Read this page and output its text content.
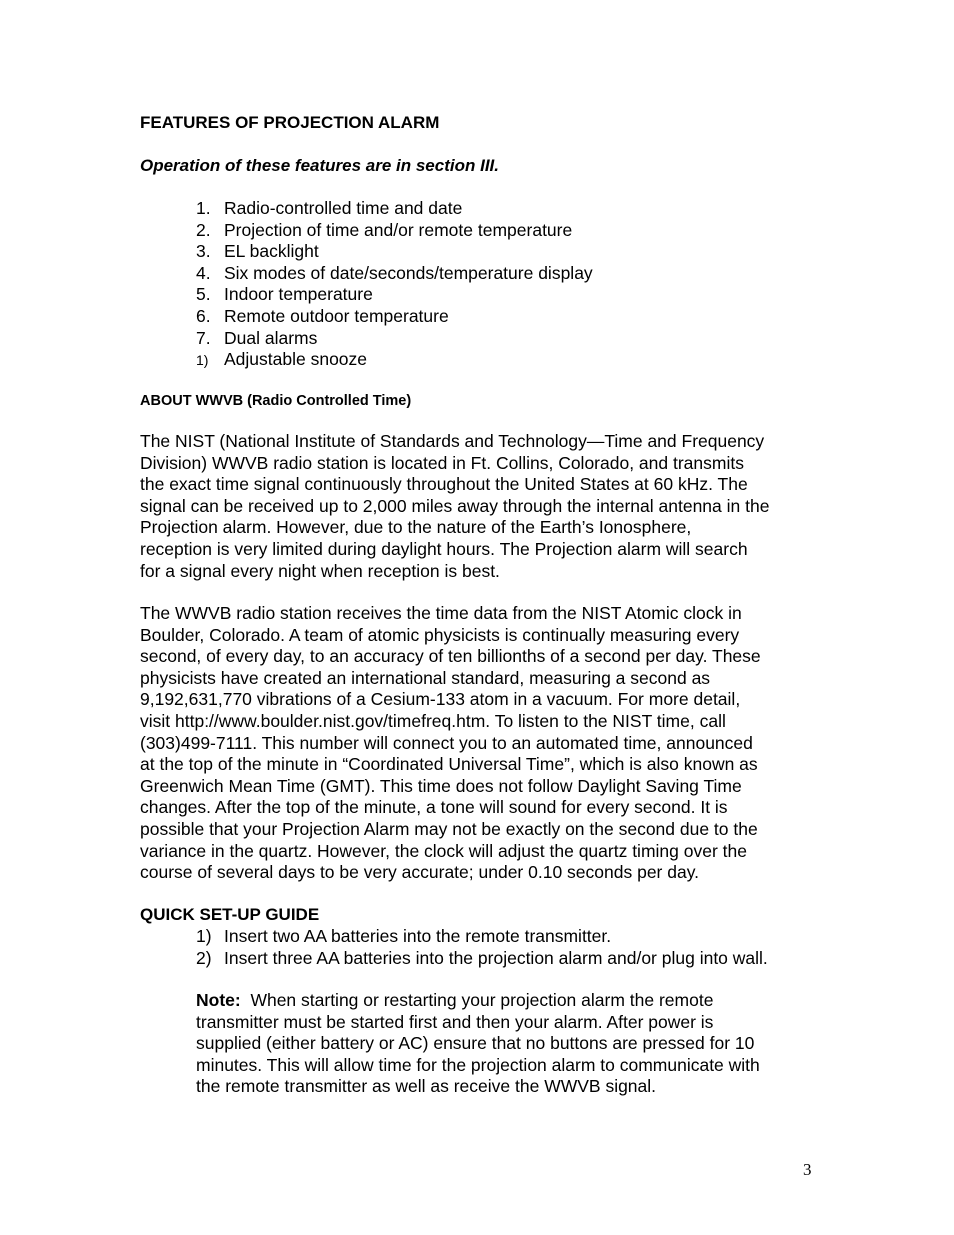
FEATURES OF PROJECTION ALARM
Operation of these features are in section III.
1. Radio-controlled time and date
2. Projection of time and/or remote temperature
3. EL backlight
4. Six modes of date/seconds/temperature display
5. Indoor temperature
6. Remote outdoor temperature
7. Dual alarms
1) Adjustable snooze
ABOUT WWVB (Radio Controlled Time)

The NIST (National Institute of Standards and Technology—Time and Frequency
Division) WWVB radio station is located in Ft. Collins, Colorado, and transmits
the exact time signal continuously throughout the United States at 60 kHz. The
signal can be received up to 2,000 miles away through the internal antenna in the
Projection alarm. However, due to the nature of the Earth’s Ionosphere,
reception is very limited during daylight hours. The Projection alarm will search
for a signal every night when reception is best.

The WWVB radio station receives the time data from the NIST Atomic clock in
Boulder, Colorado. A team of atomic physicists is continually measuring every
second, of every day, to an accuracy of ten billionths of a second per day. These
physicists have created an international standard, measuring a second as
9,192,631,770 vibrations of a Cesium-133 atom in a vacuum. For more detail,
visit http://www.boulder.nist.gov/timefreq.htm. To listen to the NIST time, call
(303)499-7111. This number will connect you to an automated time, announced
at the top of the minute in “Coordinated Universal Time”, which is also known as
Greenwich Mean Time (GMT). This time does not follow Daylight Saving Time
changes. After the top of the minute, a tone will sound for every second. It is
possible that your Projection Alarm may not be exactly on the second due to the
variance in the quartz. However, the clock will adjust the quartz timing over the
course of several days to be very accurate; under 0.10 seconds per day.

QUICK SET-UP GUIDE
1) Insert two AA batteries into the remote transmitter.
2) Insert three AA batteries into the projection alarm and/or plug into wall.

Note:  When starting or restarting your projection alarm the remote
transmitter must be started first and then your alarm. After power is
supplied (either battery or AC) ensure that no buttons are pressed for 10
minutes. This will allow time for the projection alarm to communicate with
the remote transmitter as well as receive the WWVB signal.

3
